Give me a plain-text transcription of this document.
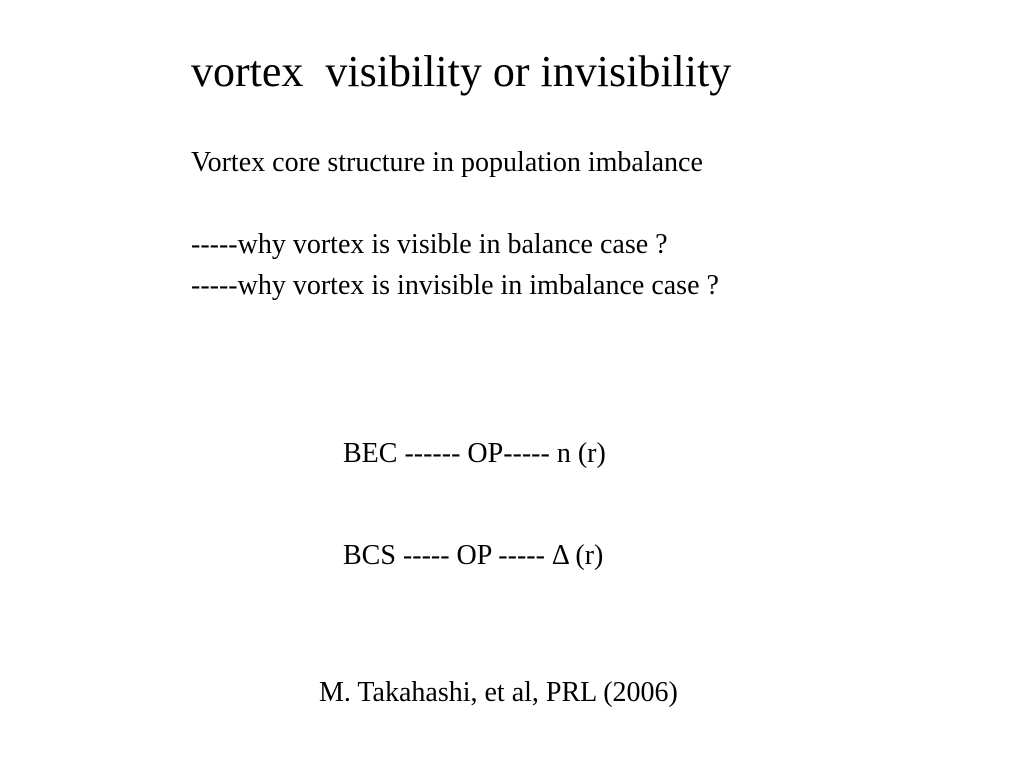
vortex  visibility or invisibility

Vortex core structure in population imbalance

-----why vortex is visible in balance case ?

-----why vortex is invisible in imbalance case ?

BEC ------ OP----- n (r)

BCS ----- OP ----- Δ (r)

M. Takahashi, et al, PRL (2006)
